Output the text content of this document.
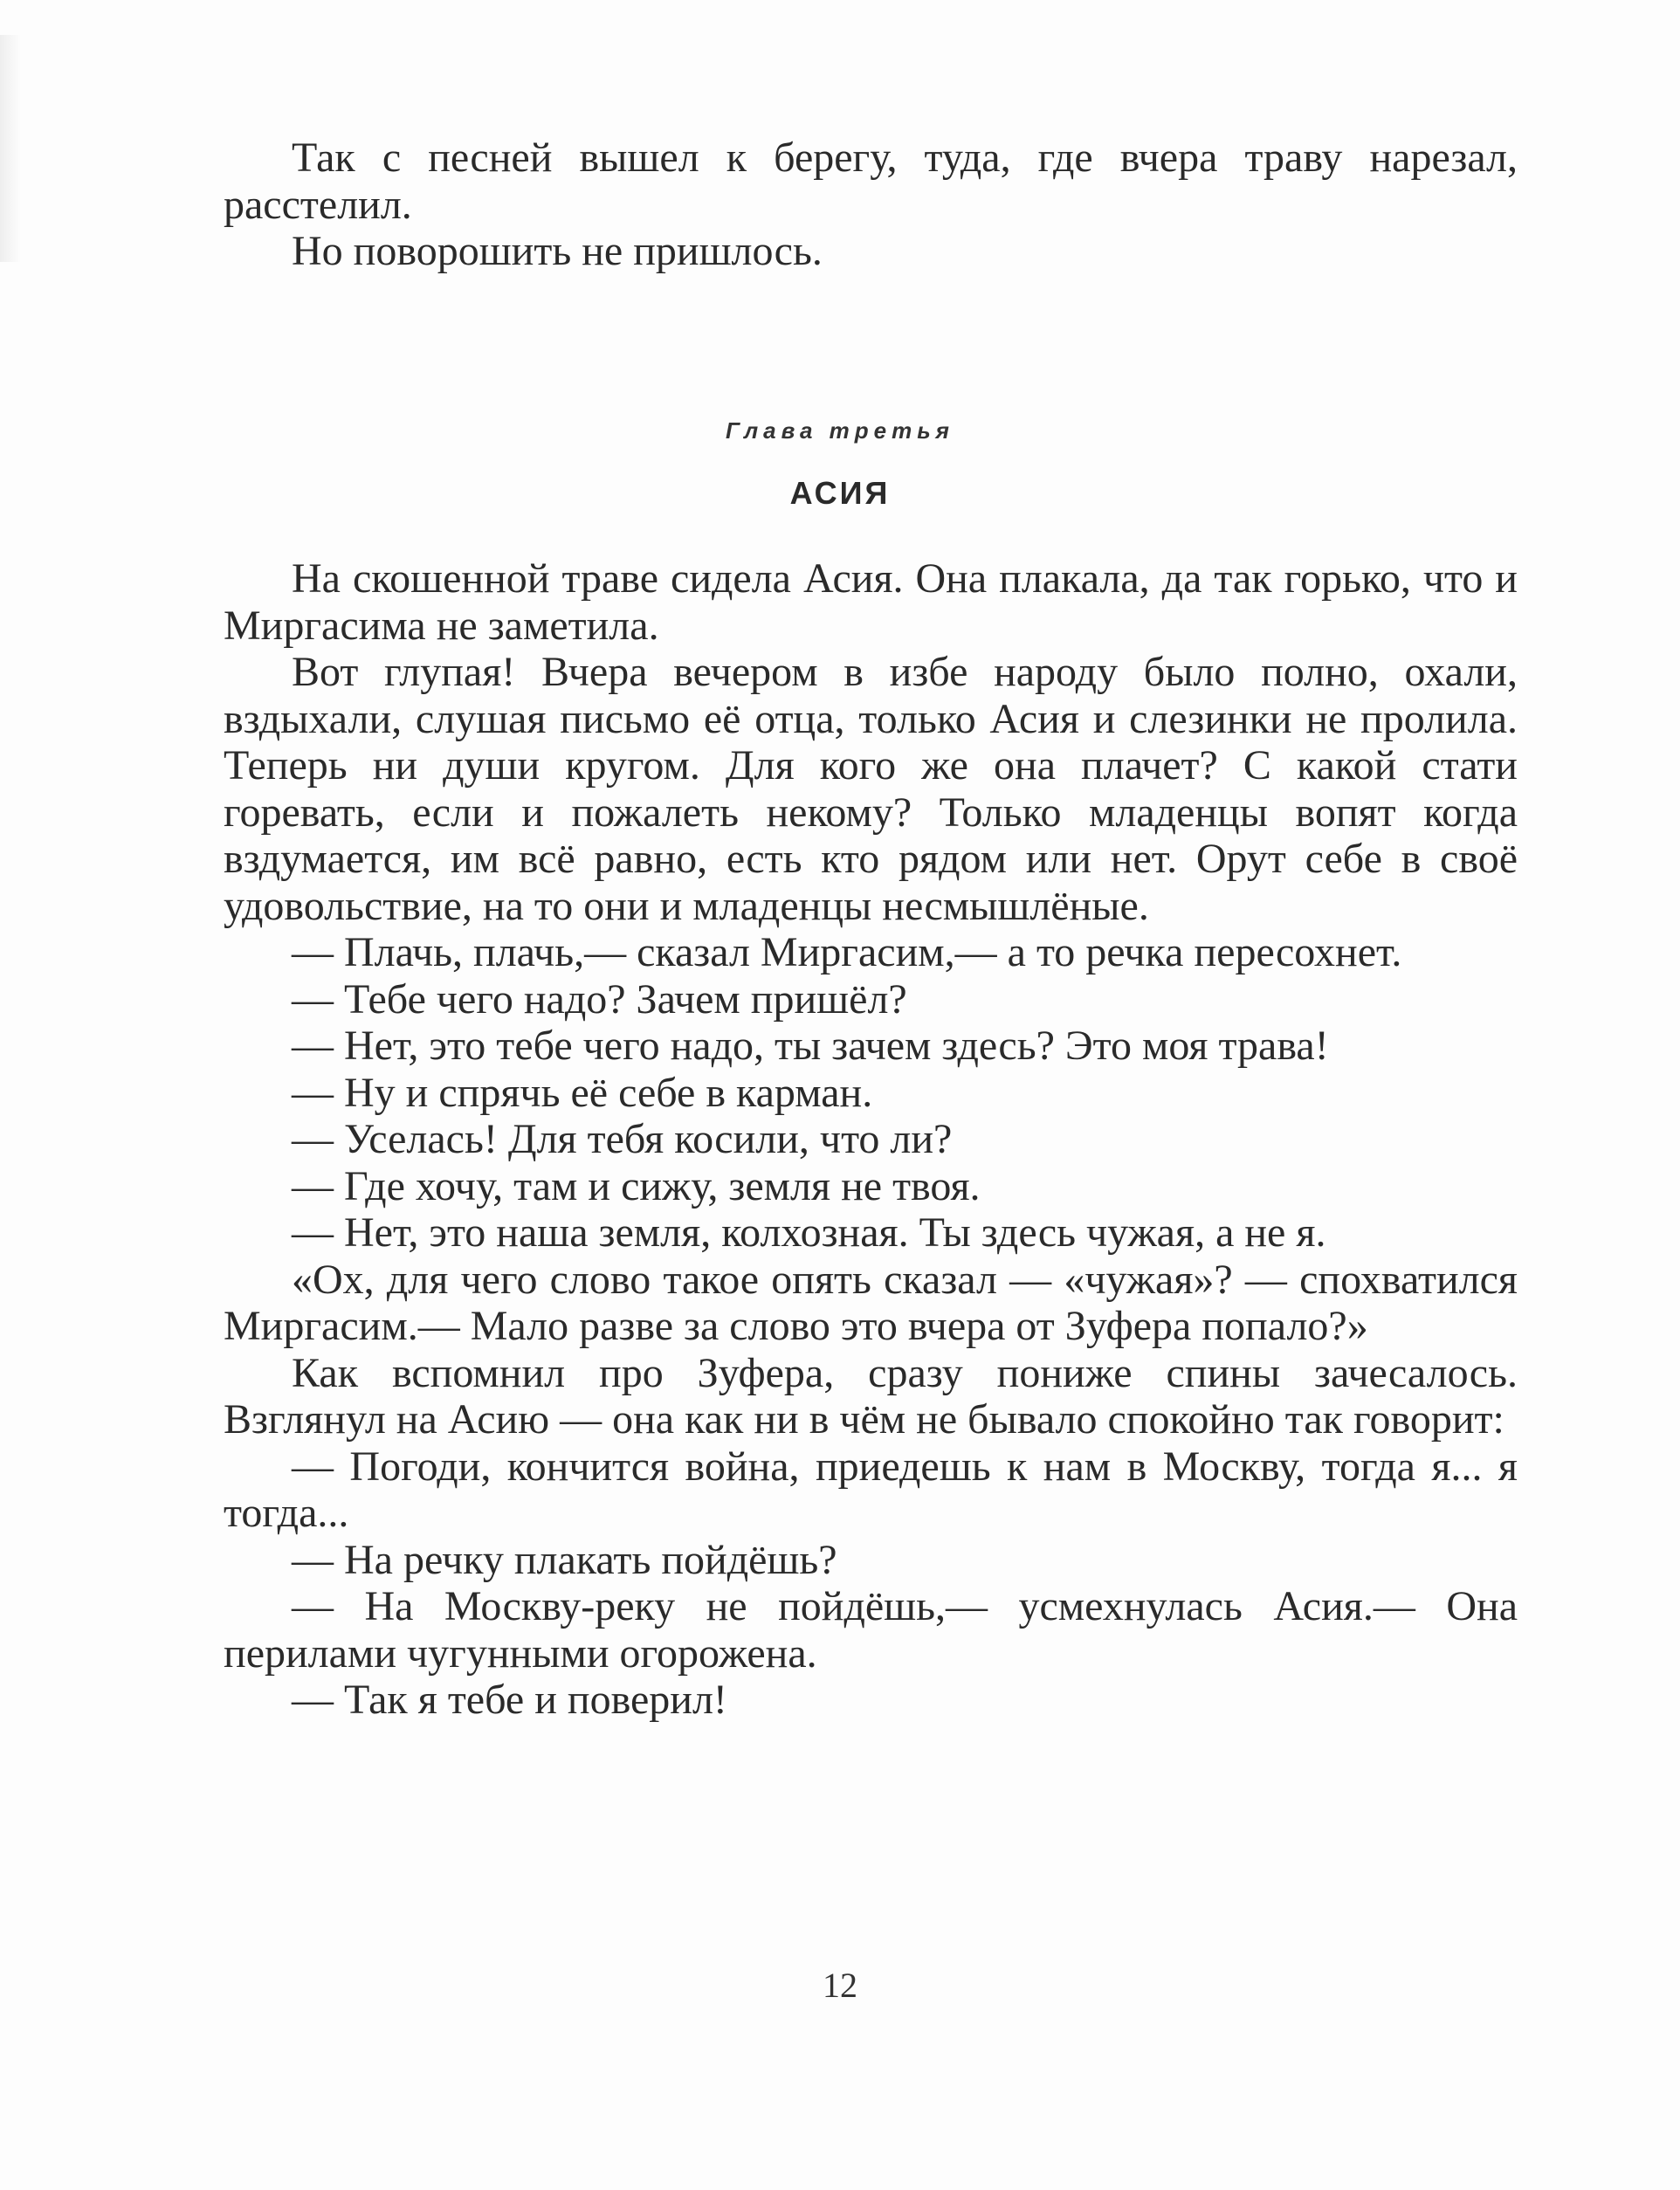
Так с песней вышел к берегу, туда, где вчера траву нарезал, расстелил.

Но поворошить не пришлось.

Глава третья
АСИЯ

На скошенной траве сидела Асия. Она плакала, да так горько, что и Миргасима не заметила.

Вот глупая! Вчера вечером в избе народу было полно, охали, вздыхали, слушая письмо её отца, только Асия и слезинки не пролила. Теперь ни души кругом. Для кого же она плачет? С какой стати горевать, если и пожалеть некому? Только младенцы вопят когда вздумается, им всё равно, есть кто рядом или нет. Орут себе в своё удовольствие, на то они и младенцы несмышлёные.

— Плачь, плачь,— сказал Миргасим,— а то речка пересохнет.

— Тебе чего надо? Зачем пришёл?

— Нет, это тебе чего надо, ты зачем здесь? Это моя трава!

— Ну и спрячь её себе в карман.

— Уселась! Для тебя косили, что ли?

— Где хочу, там и сижу, земля не твоя.

— Нет, это наша земля, колхозная. Ты здесь чужая, а не я.

«Ох, для чего слово такое опять сказал — «чужая»? — спохватился Миргасим.— Мало разве за слово это вчера от Зуфера попало?»

Как вспомнил про Зуфера, сразу пониже спины зачесалось. Взглянул на Асию — она как ни в чём не бывало спокойно так говорит:

— Погоди, кончится война, приедешь к нам в Москву, тогда я... я тогда...

— На речку плакать пойдёшь?

— На Москву-реку не пойдёшь,— усмехнулась Асия.— Она перилами чугунными огорожена.

— Так я тебе и поверил!

12
